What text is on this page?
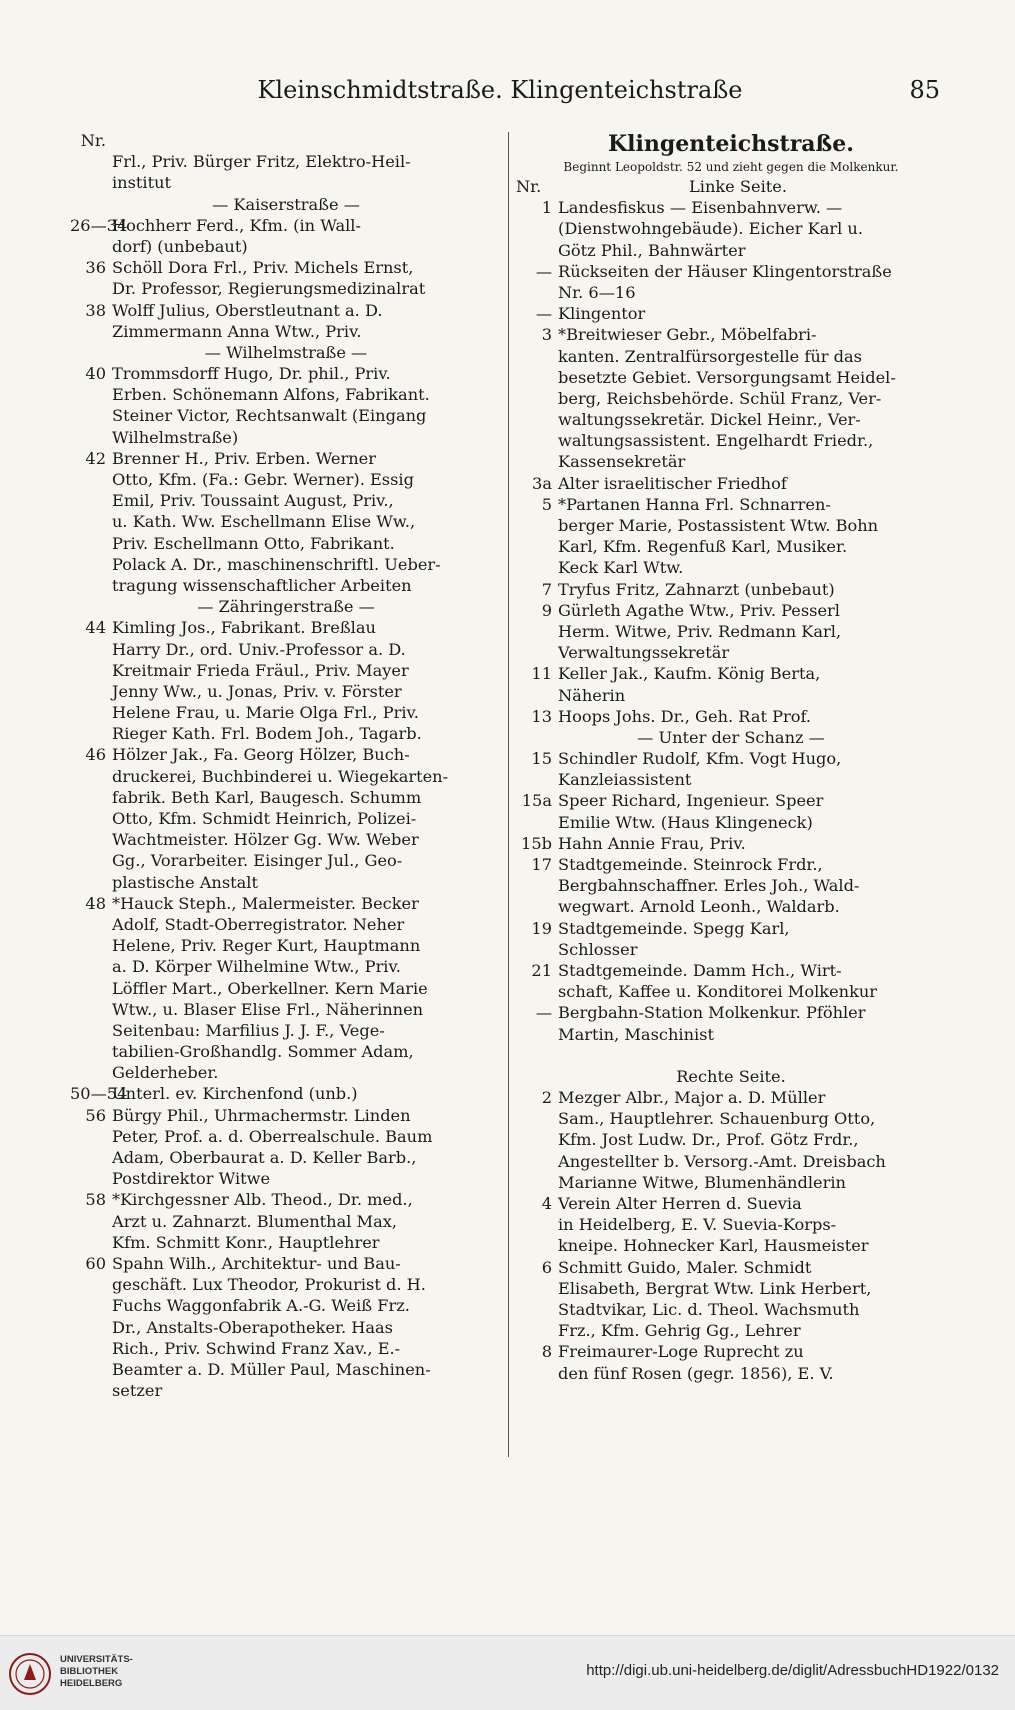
Kleinschmidtstraße. Klingenteichstraße	85
Nr.
Frl., Priv. Bürger Fritz, Elektro-Heil-
institut
— Kaiserstraße —
26—34Hochherr Ferd., Kfm. (in Wall-
dorf) (unbebaut)
36 Schöll Dora Frl., Priv. Michels Ernst,
Dr. Professor, Regierungsmedizinalrat
38 Wolff Julius, Oberstleutnant a. D.
Zimmermann Anna Wtw., Priv.
— Wilhelmstraße —
40 Trommsdorff Hugo, Dr. phil., Priv.
Erben. Schönemann Alfons, Fabrikant.
Steiner Victor, Rechtsanwalt (Eingang
Wilhelmstraße)
42 Brenner H., Priv. Erben. Werner
Otto, Kfm. (Fa.: Gebr. Werner). Essig
Emil, Priv. Toussaint August, Priv.,
u. Kath. Ww. Eschellmann Elise Ww.,
Priv. Eschellmann Otto, Fabrikant.
Polack A. Dr., maschinenschriftl. Ueber-
tragung wissenschaftlicher Arbeiten
— Zähringerstraße —
44 Kimling Jos., Fabrikant. Breßlau
Harry Dr., ord. Univ.-Professor a. D.
Kreitmair Frieda Fräul., Priv. Mayer
Jenny Ww., u. Jonas, Priv. v. Förster
Helene Frau, u. Marie Olga Frl., Priv.
Rieger Kath. Frl. Bodem Joh., Tagarb.
46 Hölzer Jak., Fa. Georg Hölzer, Buch-
druckerei, Buchbinderei u. Wiegekarten-
fabrik. Beth Karl, Baugesch. Schumm
Otto, Kfm. Schmidt Heinrich, Polizei-
Wachtmeister. Hölzer Gg. Ww. Weber
Gg., Vorarbeiter. Eisinger Jul., Geo-
plastische Anstalt
48 *Hauck Steph., Malermeister. Becker
Adolf, Stadt-Oberregistrator. Neher
Helene, Priv. Reger Kurt, Hauptmann
a. D. Körper Wilhelmine Wtw., Priv.
Löffler Mart., Oberkellner. Kern Marie
Wtw., u. Blaser Elise Frl., Näherinnen
Seitenbau: Marfilius J. J. F., Vege-
tabilien-Großhandlg. Sommer Adam,
Gelderheber.
50—54Unterl. ev. Kirchenfond (unb.)
56 Bürgy Phil., Uhrmachermstr. Linden
Peter, Prof. a. d. Oberrealschule. Baum
Adam, Oberbaurat a. D. Keller Barb.,
Postdirektor Witwe
58 *Kirchgessner Alb. Theod., Dr. med.,
Arzt u. Zahnarzt. Blumenthal Max,
Kfm. Schmitt Konr., Hauptlehrer
60 Spahn Wilh., Architektur- und Bau-
geschäft. Lux Theodor, Prokurist d. H.
Fuchs Waggonfabrik A.-G. Weiß Frz.
Dr., Anstalts-Oberapotheker. Haas
Rich., Priv. Schwind Franz Xav., E.-
Beamter a. D. Müller Paul, Maschinen-
setzer
Klingenteichstraße.
Beginnt Leopoldstr. 52 und zieht gegen die Molkenkur.
Nr.	Linke Seite.
1 Landesfiskus — Eisenbahnverw. —
(Dienstwohngebäude). Eicher Karl u.
Götz Phil., Bahnwärter
— Rückseiten der Häuser Klingentorstraße
Nr. 6—16
— Klingentor
3 *Breitwieser Gebr., Möbelfabri-
kanten. Zentralfürsorgestelle für das
besetzte Gebiet. Versorgungsamt Heidel-
berg, Reichsbehörde. Schül Franz, Ver-
waltungssekretär. Dickel Heinr., Ver-
waltungsassistent. Engelhardt Friedr.,
Kassensekretär
3a Alter israelitischer Friedhof
5 *Partanen Hanna Frl. Schnarren-
berger Marie, Postassistent Wtw. Bohn
Karl, Kfm. Regenfuß Karl, Musiker.
Keck Karl Wtw.
7 Tryfus Fritz, Zahnarzt (unbebaut)
9 Gürleth Agathe Wtw., Priv. Pesserl
Herm. Witwe, Priv. Redmann Karl,
Verwaltungssekretär
11 Keller Jak., Kaufm. König Berta,
Näherin
13 Hoops Johs. Dr., Geh. Rat Prof.
— Unter der Schanz —
15 Schindler Rudolf, Kfm. Vogt Hugo,
Kanzleiassistent
15a Speer Richard, Ingenieur. Speer
Emilie Wtw. (Haus Klingeneck)
15b Hahn Annie Frau, Priv.
17 Stadtgemeinde. Steinrock Frdr.,
Bergbahnschaffner. Erles Joh., Wald-
wegwart. Arnold Leonh., Waldarb.
19 Stadtgemeinde. Spegg Karl,
Schlosser
21 Stadtgemeinde. Damm Hch., Wirt-
schaft, Kaffee u. Konditorei Molkenkur
— Bergbahn-Station Molkenkur. Pföhler
Martin, Maschinist
Rechte Seite.
2 Mezger Albr., Major a. D. Müller
Sam., Hauptlehrer. Schauenburg Otto,
Kfm. Jost Ludw. Dr., Prof. Götz Frdr.,
Angestellter b. Versorg.-Amt. Dreisbach
Marianne Witwe, Blumenhändlerin
4 Verein Alter Herren d. Suevia
in Heidelberg, E. V. Suevia-Korps-
kneipe. Hohnecker Karl, Hausmeister
6 Schmitt Guido, Maler. Schmidt
Elisabeth, Bergrat Wtw. Link Herbert,
Stadtvikar, Lic. d. Theol. Wachsmuth
Frz., Kfm. Gehrig Gg., Lehrer
8 Freimaurer-Loge Ruprecht zu
den fünf Rosen (gegr. 1856), E. V.
UNIVERSITÄTS-
BIBLIOTHEK
HEIDELBERG
http://digi.ub.uni-heidelberg.de/diglit/AdressbuchHD1922/0132
